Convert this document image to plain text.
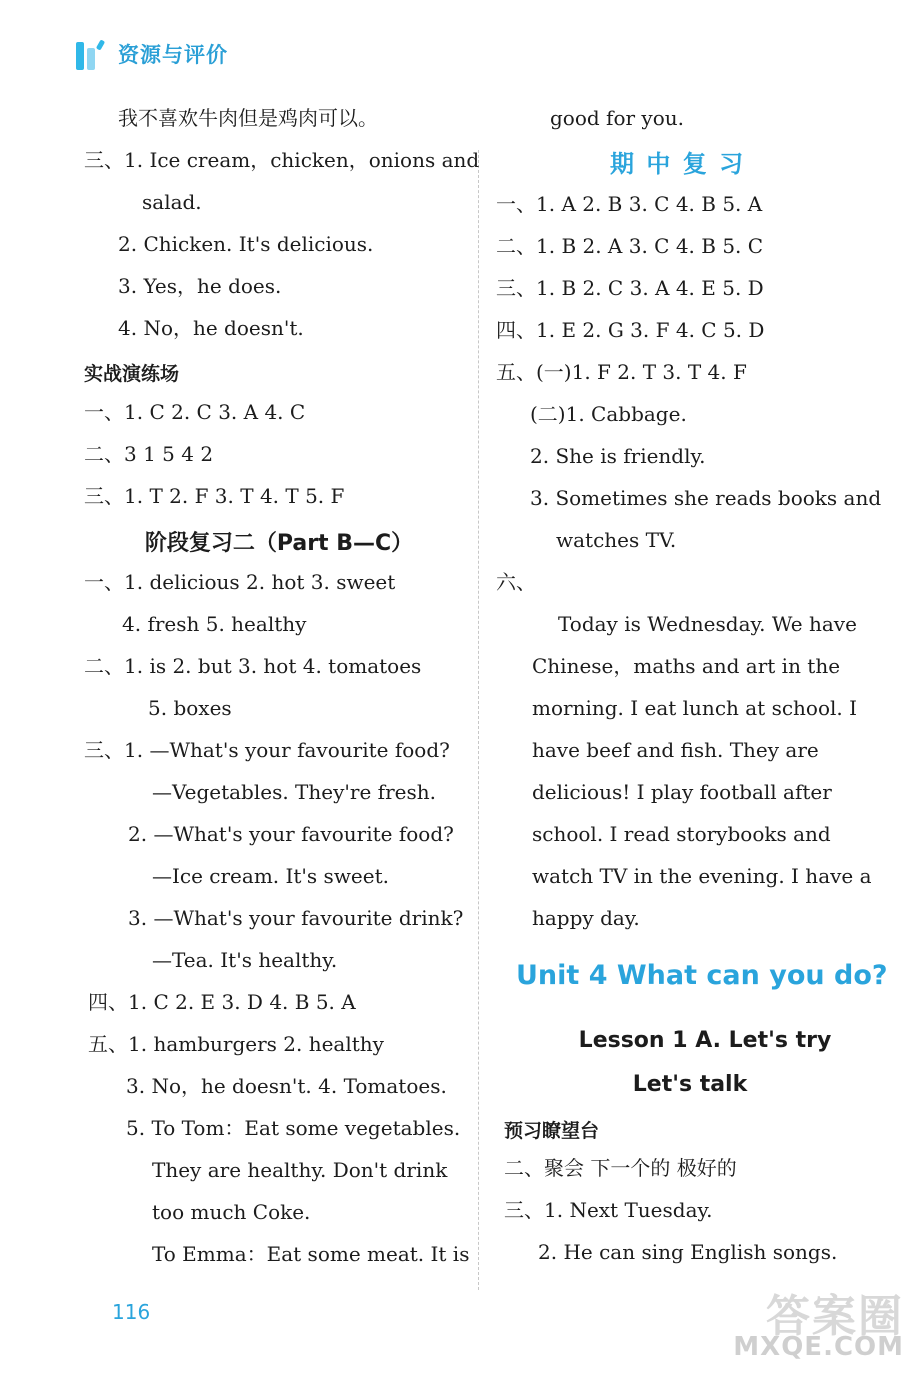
资源与评价
我不喜欢牛肉但是鸡肉可以。
三、1. Ice cream，chicken，onions and
salad.
2. Chicken. It's delicious.
3. Yes，he does.
4. No，he doesn't.
实战演练场
一、1. C 2. C 3. A 4. C
二、3 1 5 4 2
三、1. T 2. F 3. T 4. T 5. F
阶段复习二（Part B—C）
一、1. delicious 2. hot 3. sweet
4. fresh 5. healthy
二、1. is 2. but 3. hot 4. tomatoes
5. boxes
三、1. —What's your favourite food?
—Vegetables. They're fresh.
2. —What's your favourite food?
—Ice cream. It's sweet.
3. —What's your favourite drink?
—Tea. It's healthy.
四、1. C 2. E 3. D 4. B 5. A
五、1. hamburgers 2. healthy
3. No，he doesn't. 4. Tomatoes.
5. To Tom：Eat some vegetables.
They are healthy. Don't drink
too much Coke.
To Emma：Eat some meat. It is
good for you.
期 中 复 习
一、1. A 2. B 3. C 4. B 5. A
二、1. B 2. A 3. C 4. B 5. C
三、1. B 2. C 3. A 4. E 5. D
四、1. E 2. G 3. F 4. C 5. D
五、(一)1. F 2. T 3. T 4. F
(二)1. Cabbage.
2. She is friendly.
3. Sometimes she reads books and
watches TV.
六、
Today is Wednesday. We have
Chinese，maths and art in the
morning. I eat lunch at school. I
have beef and fish. They are
delicious! I play football after
school. I read storybooks and
watch TV in the evening. I have a
happy day.
Unit 4 What can you do?
Lesson 1 A. Let's try
Let's talk
预习瞭望台
二、聚会 下一个的 极好的
三、1. Next Tuesday.
2. He can sing English songs.
116	答案圈
MXQE.COM
